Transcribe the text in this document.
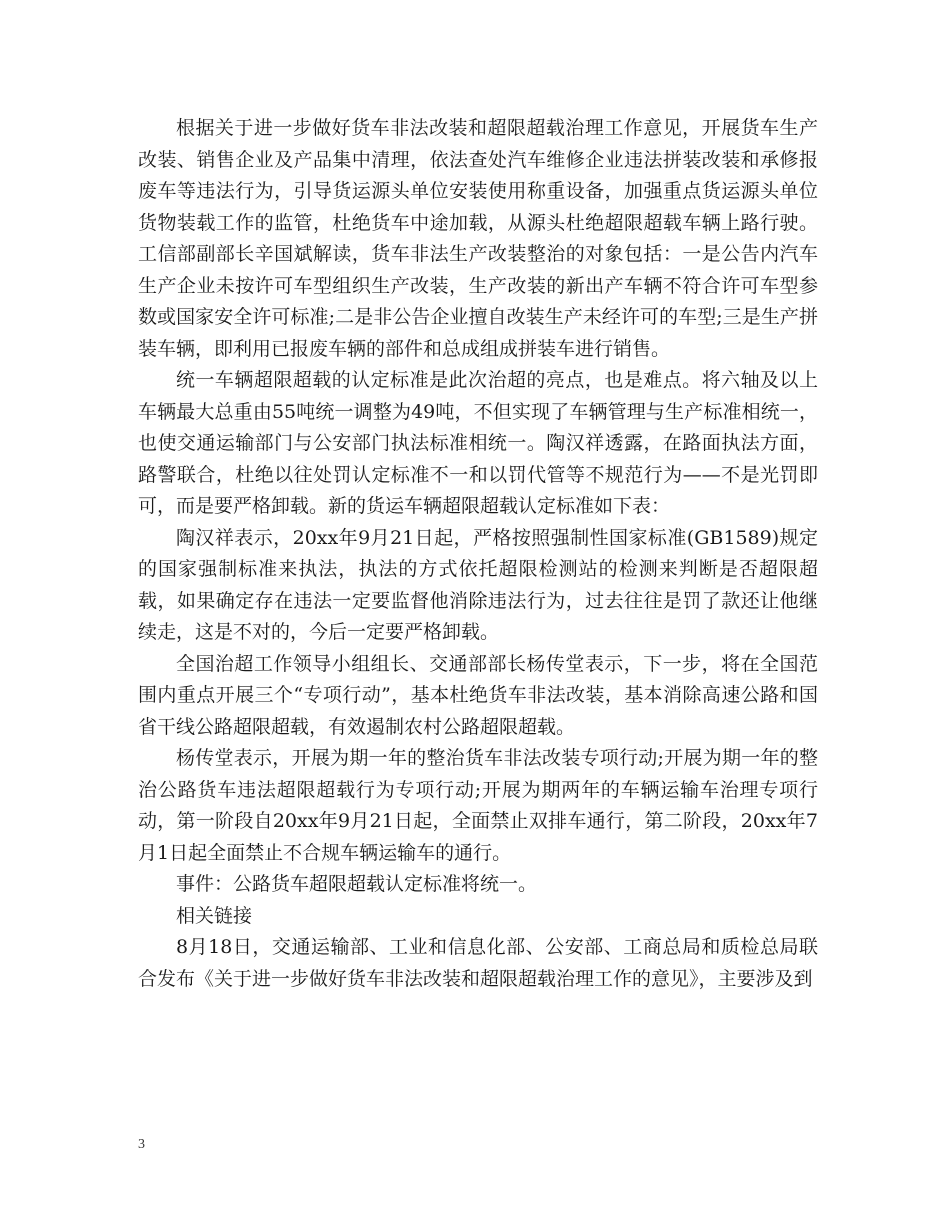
根据关于进一步做好货车非法改装和超限超载治理工作意见，开展货车生产改装、销售企业及产品集中清理，依法查处汽车维修企业违法拼装改装和承修报废车等违法行为，引导货运源头单位安装使用称重设备，加强重点货运源头单位货物装载工作的监管，杜绝货车中途加载，从源头杜绝超限超载车辆上路行驶。工信部副部长辛国斌解读，货车非法生产改装整治的对象包括：一是公告内汽车生产企业未按许可车型组织生产改装，生产改装的新出产车辆不符合许可车型参数或国家安全许可标准;二是非公告企业擅自改装生产未经许可的车型;三是生产拼装车辆，即利用已报废车辆的部件和总成组成拼装车进行销售。

统一车辆超限超载的认定标准是此次治超的亮点，也是难点。将六轴及以上车辆最大总重由55吨统一调整为49吨，不但实现了车辆管理与生产标准相统一，也使交通运输部门与公安部门执法标准相统一。陶汉祥透露，在路面执法方面，路警联合，杜绝以往处罚认定标准不一和以罚代管等不规范行为——不是光罚即可，而是要严格卸载。新的货运车辆超限超载认定标准如下表：

陶汉祥表示，20xx年9月21日起，严格按照强制性国家标准(GB1589)规定的国家强制标准来执法，执法的方式依托超限检测站的检测来判断是否超限超载，如果确定存在违法一定要监督他消除违法行为，过去往往是罚了款还让他继续走，这是不对的，今后一定要严格卸载。

全国治超工作领导小组组长、交通部部长杨传堂表示，下一步，将在全国范围内重点开展三个“专项行动”，基本杜绝货车非法改装，基本消除高速公路和国省干线公路超限超载，有效遏制农村公路超限超载。

杨传堂表示，开展为期一年的整治货车非法改装专项行动;开展为期一年的整治公路货车违法超限超载行为专项行动;开展为期两年的车辆运输车治理专项行动，第一阶段自20xx年9月21日起，全面禁止双排车通行，第二阶段，20xx年7月1日起全面禁止不合规车辆运输车的通行。

事件：公路货车超限超载认定标准将统一。

相关链接

8月18日，交通运输部、工业和信息化部、公安部、工商总局和质检总局联合发布《关于进一步做好货车非法改装和超限超载治理工作的意见》，主要涉及到

3
